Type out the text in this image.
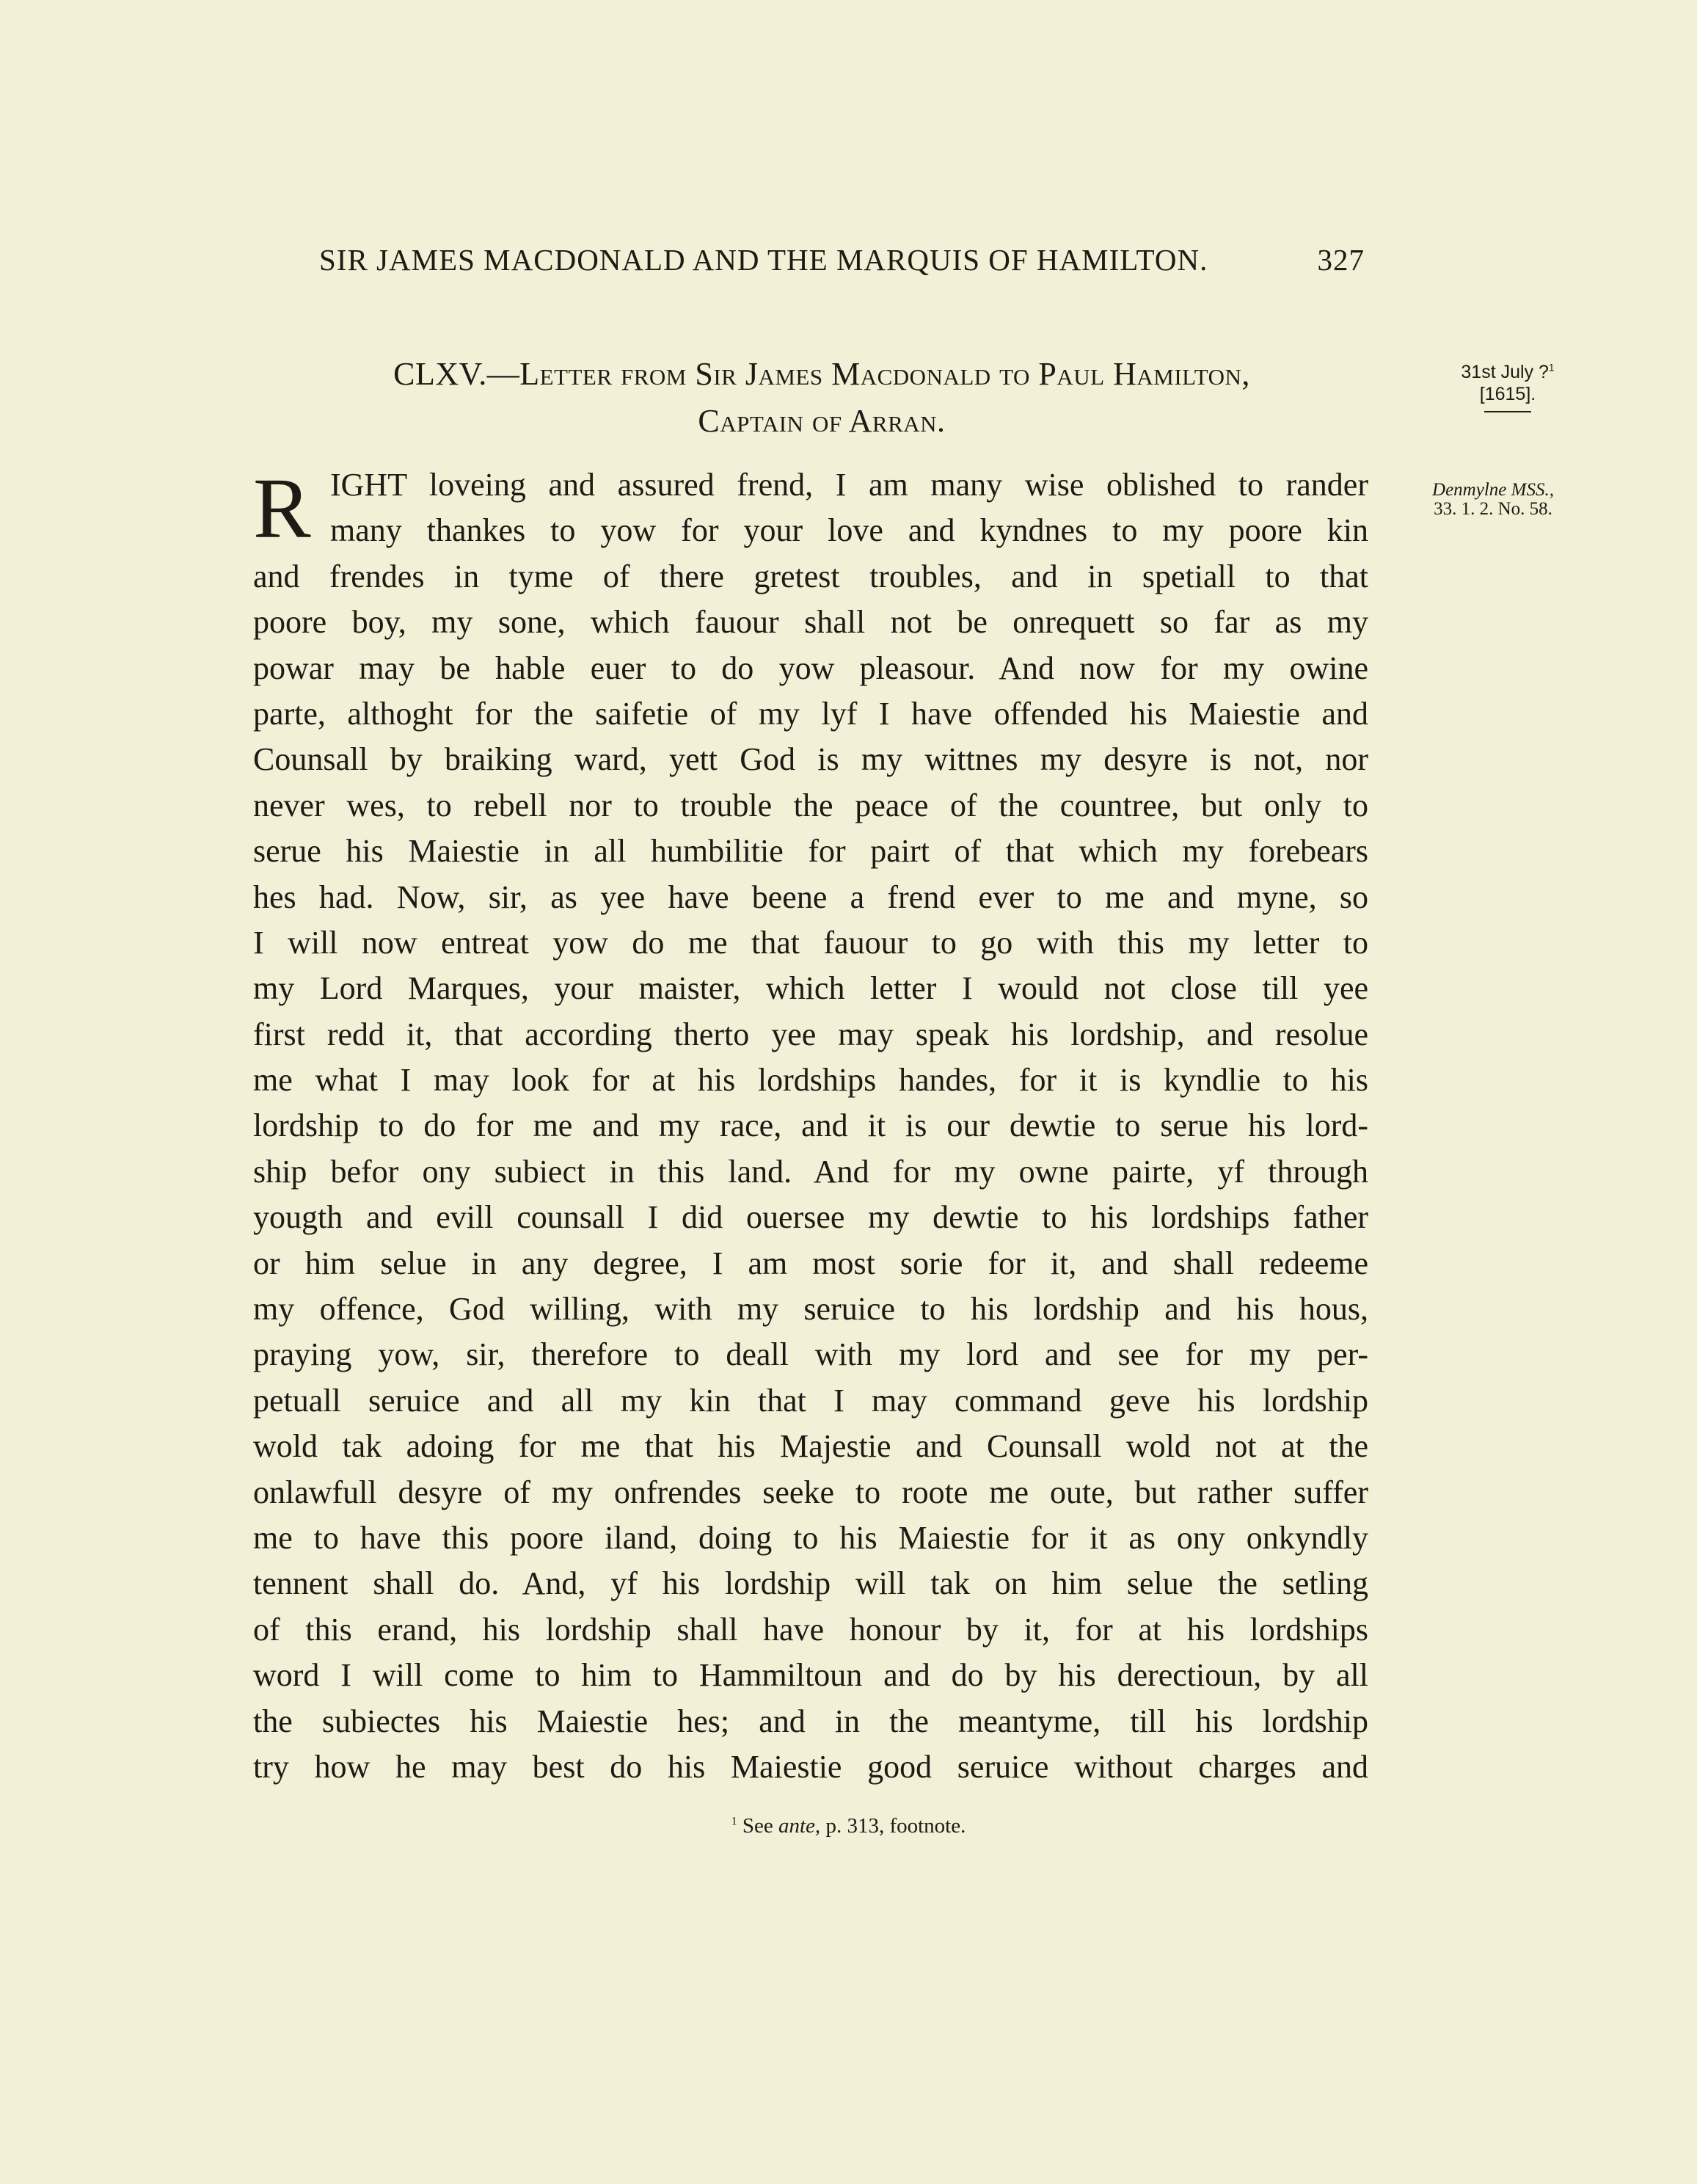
SIR JAMES MACDONALD AND THE MARQUIS OF HAMILTON.	327
CLXV.—Letter from Sir James Macdonald to Paul Hamilton,
Captain of Arran.
31st July ?$^1$
[1615].
Denmylne MSS.,
33. 1. 2. No. 58.
R IGHT loveing and assured frend, I am many wise oblished to rander
many thankes to yow for your love and kyndnes to my poore kin
and frendes in tyme of there gretest troubles, and in spetiall to that
poore boy, my sone, which fauour shall not be onrequett so far as my
powar may be hable euer to do yow pleasour. And now for my owine
parte, althoght for the saifetie of my lyf I have offended his Maiestie and
Counsall by braiking ward, yett God is my wittnes my desyre is not, nor
never wes, to rebell nor to trouble the peace of the countree, but only to
serue his Maiestie in all humbilitie for pairt of that which my forebears
hes had. Now, sir, as yee have beene a frend ever to me and myne, so
I will now entreat yow do me that fauour to go with this my letter to
my Lord Marques, your maister, which letter I would not close till yee
first redd it, that according therto yee may speak his lordship, and resolue
me what I may look for at his lordships handes, for it is kyndlie to his
lordship to do for me and my race, and it is our dewtie to serue his lord-
ship befor ony subiect in this land. And for my owne pairte, yf through
yougth and evill counsall I did ouersee my dewtie to his lordships father
or him selue in any degree, I am most sorie for it, and shall redeeme
my offence, God willing, with my seruice to his lordship and his hous,
praying yow, sir, therefore to deall with my lord and see for my per-
petuall seruice and all my kin that I may command geve his lordship
wold tak adoing for me that his Majestie and Counsall wold not at the
onlawfull desyre of my onfrendes seeke to roote me oute, but rather suffer
me to have this poore iland, doing to his Maiestie for it as ony onkyndly
tennent shall do. And, yf his lordship will tak on him selue the setling
of this erand, his lordship shall have honour by it, for at his lordships
word I will come to him to Hammiltoun and do by his derectioun, by all
the subiectes his Maiestie hes; and in the meantyme, till his lordship
try how he may best do his Maiestie good seruice without charges and
$^1$ See ante, p. 313, footnote.
